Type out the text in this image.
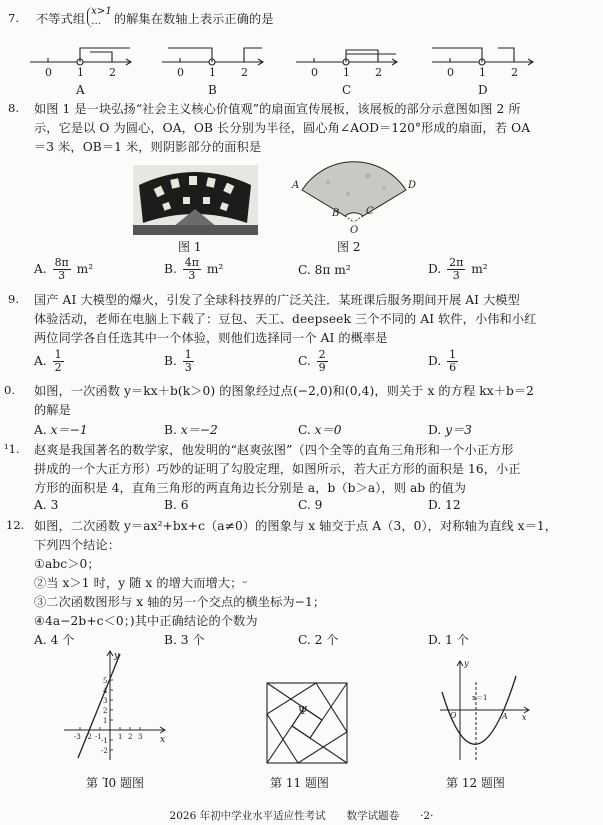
7. 不等式组
x>1
…	的解集在数轴上表示正确的是
0 1 2	0 1 2	0 1 2	0 1 2
A	B	C	D
8. 如图 1 是一块弘扬“社会主义核心价值观”的扇面宣传展板，该展板的部分示意图如图 2 所
示，它是以 O 为圆心，OA，OB 长分别为半径，圆心角∠AOD＝120°形成的扇面，若 OA
＝3 米，OB＝1 米，则阴影部分的面积是
图 1
A
B	C
D
O
图 2
A. $\frac{8\pi}{3} m^2$	B. $\frac{4\pi}{3} m^2$	C. 8π m²	D. $\frac{2\pi}{3} m^2$
9. 国产 AI 大模型的爆火，引发了全球科技界的广泛关注．某班课后服务期间开展 AI 大模型
体验活动，老师在电脑上下载了：豆包、天工、deepseek 三个不同的 AI 软件，小伟和小红
两位同学各自任选其中一个体验，则他们选择同一个 AI 的概率是
A. $\frac{1}{2}$	B. $\frac{1}{3}$	C. $\frac{2}{9}$	D. $\frac{1}{6}$
0. 如图，一次函数 y＝kx＋b(k＞0) 的图象经过点(−2,0)和(0,4)，则关于 x 的方程 kx＋b＝2
的解是
A. x＝−1	B. x＝−2	C. x＝0	D. y＝3
¹1. 赵爽是我国著名的数学家，他发明的“赵爽弦图”（四个全等的直角三角形和一个小正方形
拼成的一个大正方形）巧妙的证明了勾股定理，如图所示，若大正方形的面积是 16，小正
方形的面积是 4，直角三角形的两直角边长分别是 a，b（b＞a），则 ab 的值为
A. 3	B. 6	C. 9	D. 12
12. 如图，二次函数 y＝ax²+bx+c（a≠0）的图象与 x 轴交于点 A（3，0），对称轴为直线 x＝1，
下列四个结论：
①abc＞0；
②当 x＞1 时，y 随 x 的增大而增大；ᵕ
③二次函数图形与 x 轴的另一个交点的横坐标为−1；
④4a−2b+c＜0；)其中正确结论的个数为
A. 4 个	B. 3 个	C. 2 个	D. 1 个
y
x
-3 -2 -1 1 2 3
5
4
3
2
1
-1
-2
第 Ί0 题图
Ψ
第 11 题图
y
x
O	A
x＝1
第 12 题图
2026 年初中学业水平适应性考试　　数学试题卷　　·2·
